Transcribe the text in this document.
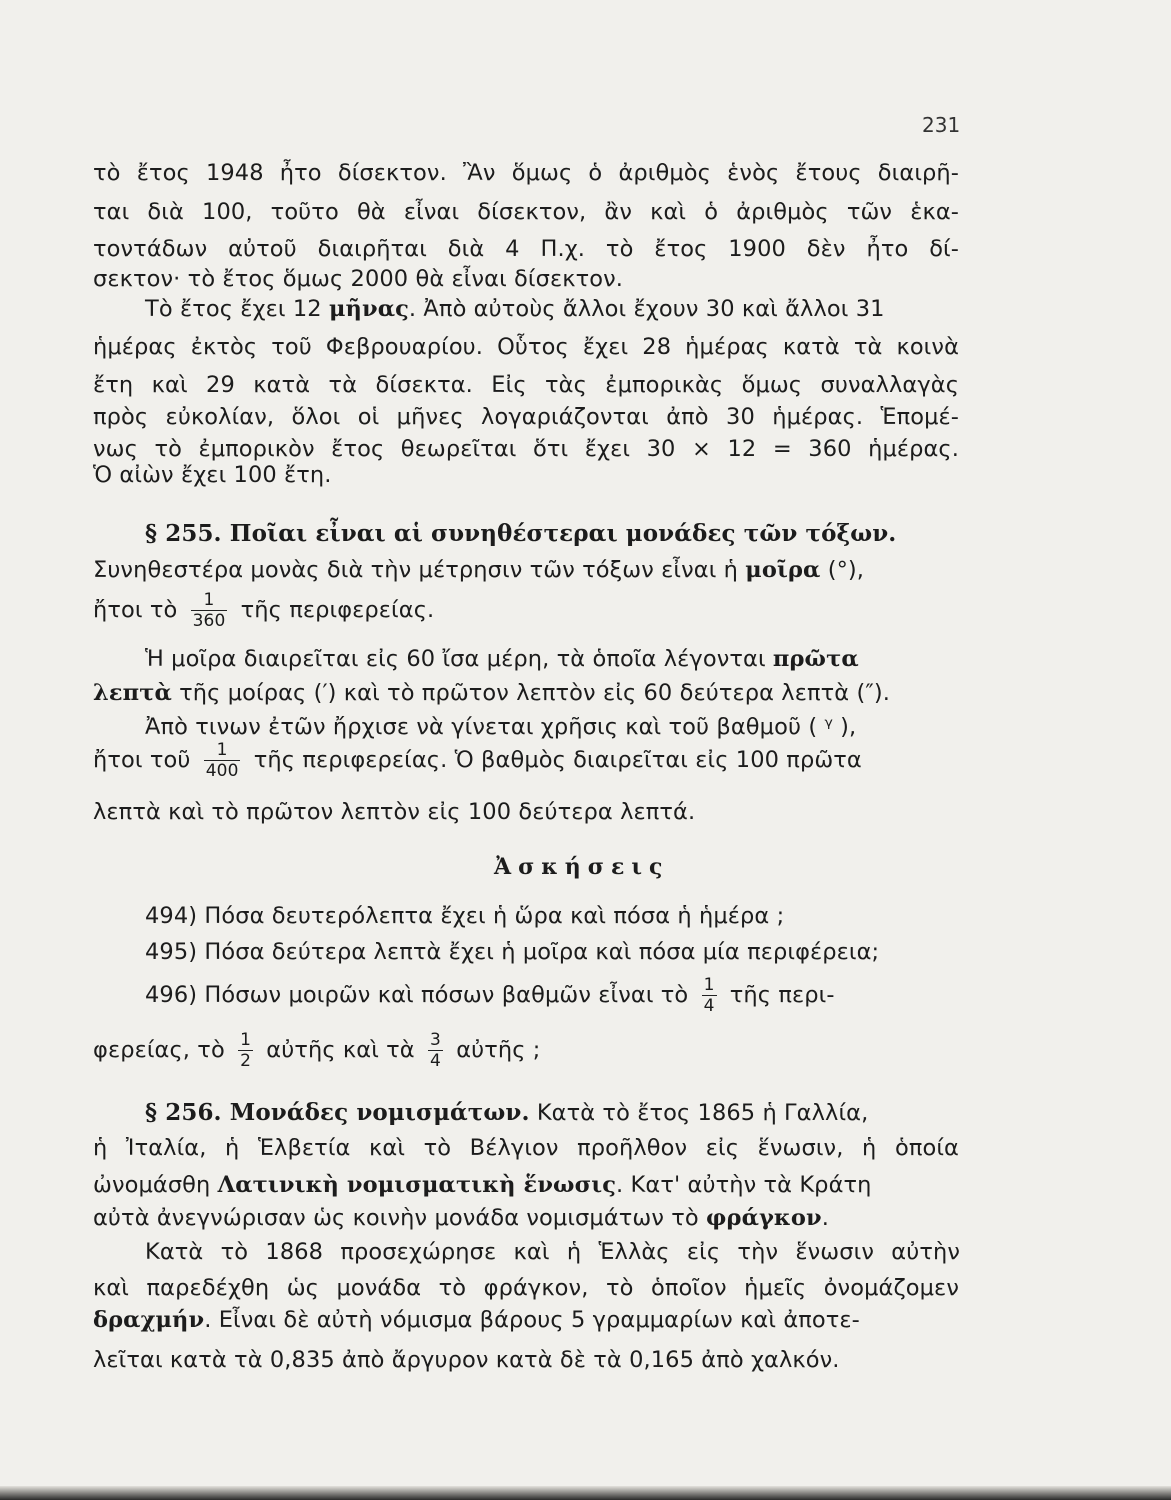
231
τὸ ἔτος 1948 ἦτο δίσεκτον. Ἂν ὅμως ὁ ἀριθμὸς ἑνὸς ἔτους διαιρῆ-
ται διὰ 100, τοῦτο θὰ εἶναι δίσεκτον, ἂν καὶ ὁ ἀριθμὸς τῶν ἑκα-
τοντάδων αὐτοῦ διαιρῆται διὰ 4 Π.χ. τὸ ἔτος 1900 δὲν ἦτο δί-
σεκτον· τὸ ἔτος ὅμως 2000 θὰ εἶναι δίσεκτον.
Τὸ ἔτος ἔχει 12 μῆνας. Ἀπὸ αὐτοὺς ἄλλοι ἔχουν 30 καὶ ἄλλοι 31
ἡμέρας ἐκτὸς τοῦ Φεβρουαρίου. Οὗτος ἔχει 28 ἡμέρας κατὰ τὰ κοινὰ
ἔτη καὶ 29 κατὰ τὰ δίσεκτα. Εἰς τὰς ἐμπορικὰς ὅμως συναλλαγὰς
πρὸς εὐκολίαν, ὅλοι οἱ μῆνες λογαριάζονται ἀπὸ 30 ἡμέρας. Ἑπομέ-
νως τὸ ἐμπορικὸν ἔτος θεωρεῖται ὅτι ἔχει 30 × 12 = 360 ἡμέρας.
Ὁ αἰὼν ἔχει 100 ἔτη.
§ 255. Ποῖαι εἶναι αἱ συνηθέστεραι μονάδες τῶν τόξων.
Συνηθεστέρα μονὰς διὰ τὴν μέτρησιν τῶν τόξων εἶναι ἡ μοῖρα (°),
ἤτοι τὸ $\frac{1}{360}$ τῆς περιφερείας.
Ἡ μοῖρα διαιρεῖται εἰς 60 ἴσα μέρη, τὰ ὁποῖα λέγονται πρῶτα
λεπτὰ τῆς μοίρας (′) καὶ τὸ πρῶτον λεπτὸν εἰς 60 δεύτερα λεπτὰ (″).
Ἀπὸ τινων ἐτῶν ἤρχισε νὰ γίνεται χρῆσις καὶ τοῦ βαθμοῦ ( ᵞ ),
ἤτοι τοῦ $\frac{1}{400}$ τῆς περιφερείας. Ὁ βαθμὸς διαιρεῖται εἰς 100 πρῶτα
λεπτὰ καὶ τὸ πρῶτον λεπτὸν εἰς 100 δεύτερα λεπτά.
Ἀσκήσεις
494) Πόσα δευτερόλεπτα ἔχει ἡ ὥρα καὶ πόσα ἡ ἡμέρα ;
495) Πόσα δεύτερα λεπτὰ ἔχει ἡ μοῖρα καὶ πόσα μία περιφέρεια;
496) Πόσων μοιρῶν καὶ πόσων βαθμῶν εἶναι τὸ $\frac{1}{4}$ τῆς περι-
φερείας, τὸ $\frac{1}{2}$ αὐτῆς καὶ τὰ $\frac{3}{4}$ αὐτῆς ;
§ 256. Μονάδες νομισμάτων. Κατὰ τὸ ἔτος 1865 ἡ Γαλλία,
ἡ Ἰταλία, ἡ Ἑλβετία καὶ τὸ Βέλγιον προῆλθον εἰς ἕνωσιν, ἡ ὁποία
ὠνομάσθη Λατινικὴ νομισματικὴ ἕνωσις. Κατ' αὐτὴν τὰ Κράτη
αὐτὰ ἀνεγνώρισαν ὡς κοινὴν μονάδα νομισμάτων τὸ φράγκον.
Κατὰ τὸ 1868 προσεχώρησε καὶ ἡ Ἑλλὰς εἰς τὴν ἕνωσιν αὐτὴν
καὶ παρεδέχθη ὡς μονάδα τὸ φράγκον, τὸ ὁποῖον ἡμεῖς ὀνομάζομεν
δραχμήν. Εἶναι δὲ αὐτὴ νόμισμα βάρους 5 γραμμαρίων καὶ ἀποτε-
λεῖται κατὰ τὰ 0,835 ἀπὸ ἄργυρον κατὰ δὲ τὰ 0,165 ἀπὸ χαλκόν.
